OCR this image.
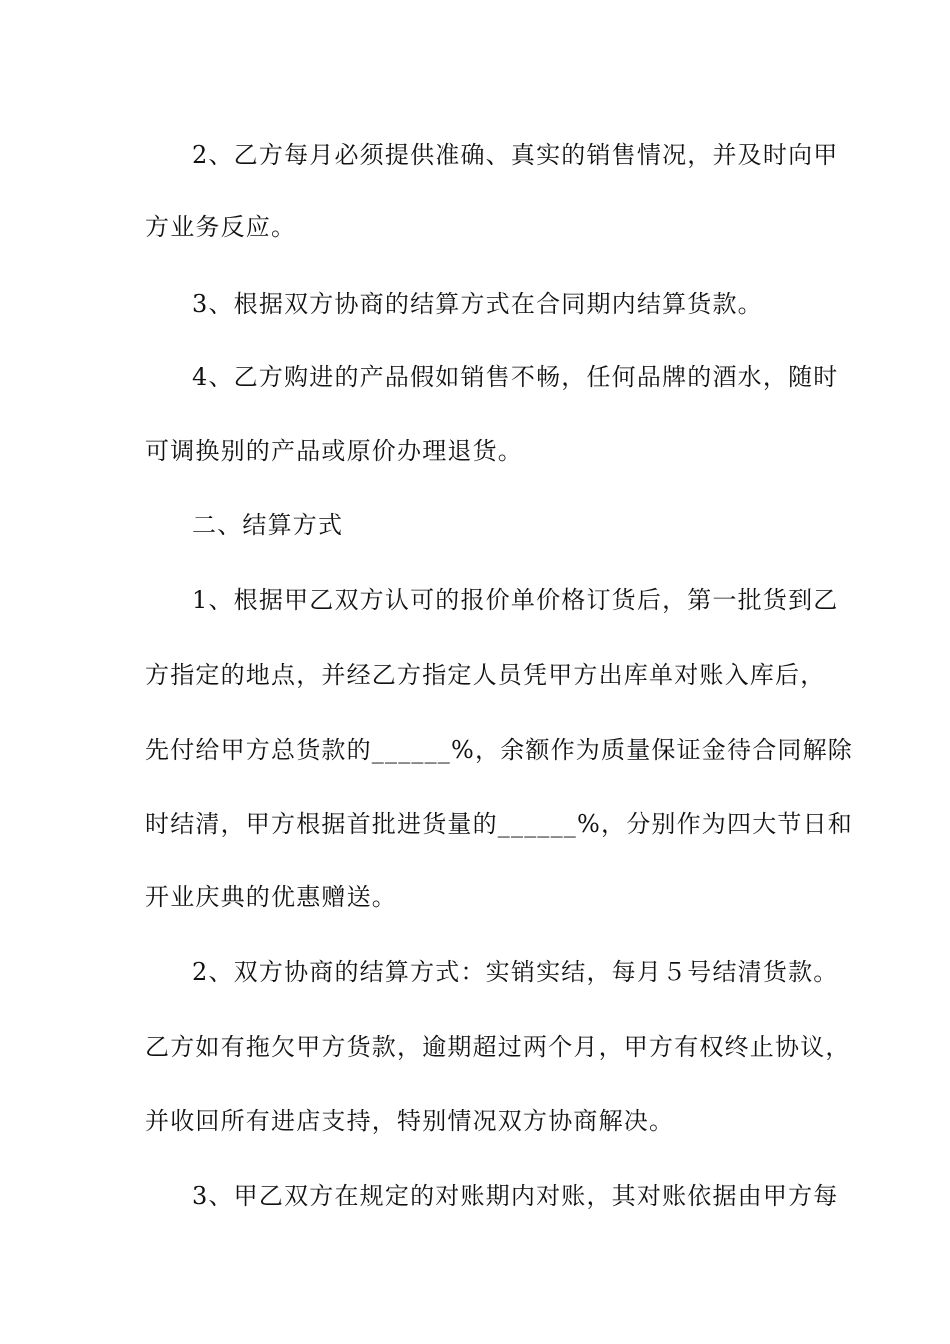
2、乙方每月必须提供准确、真实的销售情况，并及时向甲
方业务反应。
3、根据双方协商的结算方式在合同期内结算货款。
4、乙方购进的产品假如销售不畅，任何品牌的酒水，随时
可调换别的产品或原价办理退货。
二、结算方式
1、根据甲乙双方认可的报价单价格订货后，第一批货到乙
方指定的地点，并经乙方指定人员凭甲方出库单对账入库后，
先付给甲方总货款的______%，余额作为质量保证金待合同解除
时结清，甲方根据首批进货量的______%，分别作为四大节日和
开业庆典的优惠赠送。
2、双方协商的结算方式：实销实结，每月５号结清货款。
乙方如有拖欠甲方货款，逾期超过两个月，甲方有权终止协议，
并收回所有进店支持，特别情况双方协商解决。
3、甲乙双方在规定的对账期内对账，其对账依据由甲方每
